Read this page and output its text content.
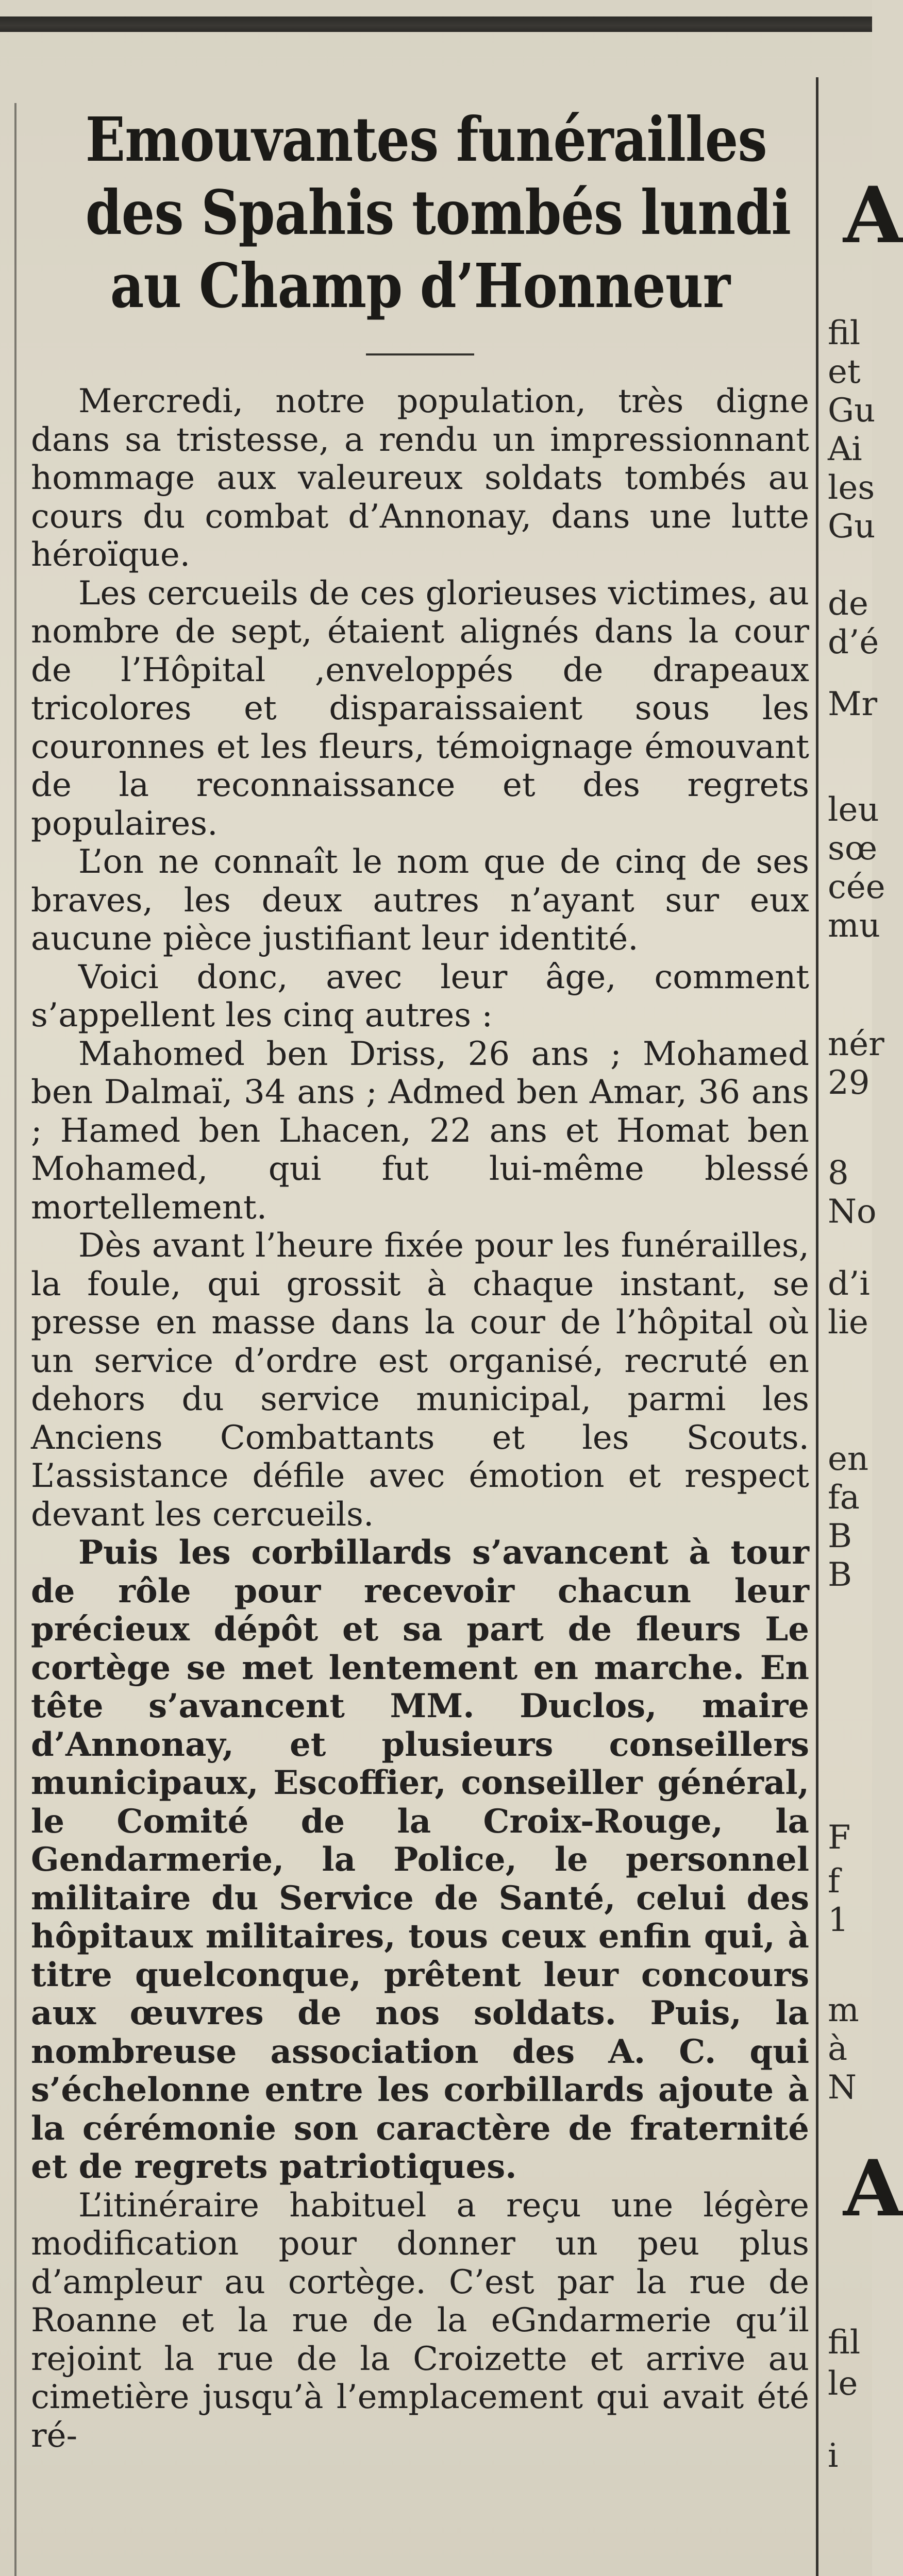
Emouvantes funérailles
des Spahis tombés lundi
au Champ d’Honneur

Mercredi, notre population, très digne dans sa tristesse, a rendu un impressionnant hommage aux valeureux soldats tombés au cours du combat d’Annonay, dans une lutte héroïque.

Les cercueils de ces glorieuses victimes, au nombre de sept, étaient alignés dans la cour de l’Hôpital ,enveloppés de drapeaux tricolores et disparaissaient sous les couronnes et les fleurs, témoignage émouvant de la reconnaissance et des regrets populaires.

L’on ne connaît le nom que de cinq de ses braves, les deux autres n’ayant sur eux aucune pièce justifiant leur identité.

Voici donc, avec leur âge, comment s’appellent les cinq autres :

Mahomed ben Driss, 26 ans ; Mohamed ben Dalmaï, 34 ans ; Admed ben Amar, 36 ans ; Hamed ben Lhacen, 22 ans et Homat ben Mohamed, qui fut lui-même blessé mortellement.

Dès avant l’heure fixée pour les funérailles, la foule, qui grossit à chaque instant, se presse en masse dans la cour de l’hôpital où un service d’ordre est organisé, recruté en dehors du service municipal, parmi les Anciens Combattants et les Scouts. L’assistance défile avec émotion et respect devant les cercueils.

Puis les corbillards s’avancent à tour de rôle pour recevoir chacun leur précieux dépôt et sa part de fleurs Le cortège se met lentement en marche. En tête s’avancent MM. Duclos, maire d’Annonay, et plusieurs conseillers municipaux, Escoffier, conseiller général, le Comité de la Croix-Rouge, la Gendarmerie, la Police, le personnel militaire du Service de Santé, celui des hôpitaux militaires, tous ceux enfin qui, à titre quelconque, prêtent leur concours aux œuvres de nos soldats. Puis, la nombreuse association des A. C. qui s’échelonne entre les corbillards ajoute à la cérémonie son caractère de fraternité et de regrets patriotiques.

L’itinéraire habituel a reçu une légère modification pour donner un peu plus d’ampleur au cortège. C’est par la rue de Roanne et la rue de la eGndarmerie qu’il rejoint la rue de la Croizette et arrive au cimetière jusqu’à l’emplacement qui avait été ré-

A
fil
et
Gu
Ai
les
Gu
de
d’é
Mr
leu
sœ
cée
mu
nér
29
8
No
d’i
lie
en
fa
B
B
F
f
1
m
à
N
A
fil
le
i
